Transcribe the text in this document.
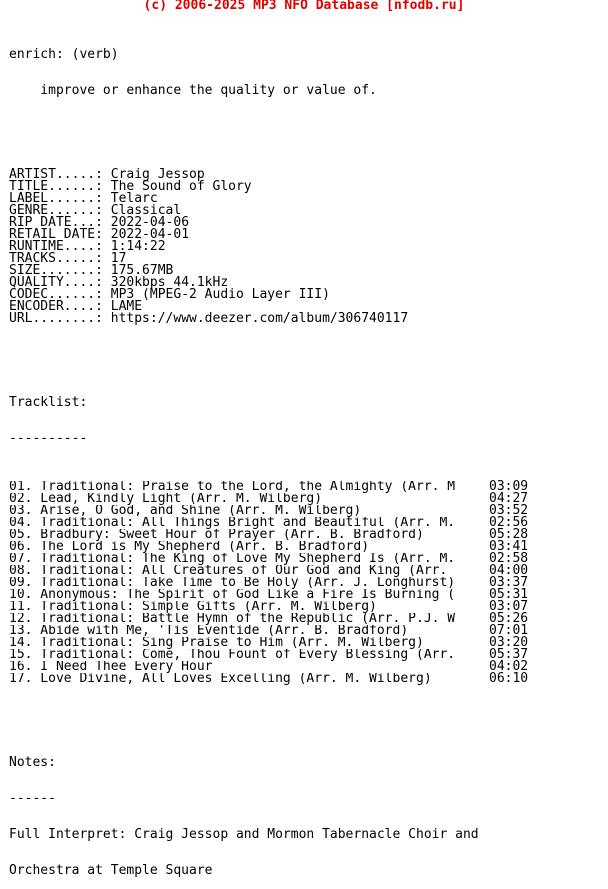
(c) 2006-2025 MP3 NFO Database [nfodb.ru]

enrich: (verb)

improve or enhance the quality or value of.

ARTIST.....: Craig Jessop
TITLE......: The Sound of Glory
LABEL......: Telarc
GENRE......: Classical
RIP DATE...: 2022-04-06
RETAIL DATE: 2022-04-01
RUNTIME....: 1:14:22
TRACKS.....: 17
SIZE.......: 175.67MB
QUALITY....: 320kbps 44.1kHz
CODEC......: MP3 (MPEG-2 Audio Layer III)
ENCODER....: LAME
URL........: https://www.deezer.com/album/306740117

Tracklist:

----------

01. Traditional: Praise to the Lord, the Almighty (Arr. M	03:09
02. Lead, Kindly Light (Arr. M. Wilberg)	04:27
03. Arise, O God, and Shine (Arr. M. Wilberg)	03:52
04. Traditional: All Things Bright and Beautiful (Arr. M.	02:56
05. Bradbury: Sweet Hour of Prayer (Arr. B. Bradford)	05:28
06. The Lord is My Shepherd (Arr. B. Bradford)	03:41
07. Traditional: The King of Love My Shepherd Is (Arr. M.	02:58
08. Traditional: All Creatures of Our God and King (Arr.	04:00
09. Traditional: Take Time to Be Holy (Arr. J. Longhurst)	03:37
10. Anonymous: The Spirit of God Like a Fire Is Burning (	05:31
11. Traditional: Simple Gifts (Arr. M. Wilberg)	03:07
12. Traditional: Battle Hymn of the Republic (Arr. P.J. W	05:26
13. Abide with Me, 'Tis Eventide (Arr. B. Bradford)	07:01
14. Traditional: Sing Praise to Him (Arr. M. Wilberg)	03:20
15. Traditional: Come, Thou Fount of Every Blessing (Arr.	05:37
16. I Need Thee Every Hour	04:02
17. Love Divine, All Loves Excelling (Arr. M. Wilberg)	06:10

Notes:

------

Full Interpret: Craig Jessop and Mormon Tabernacle Choir and

Orchestra at Temple Square
